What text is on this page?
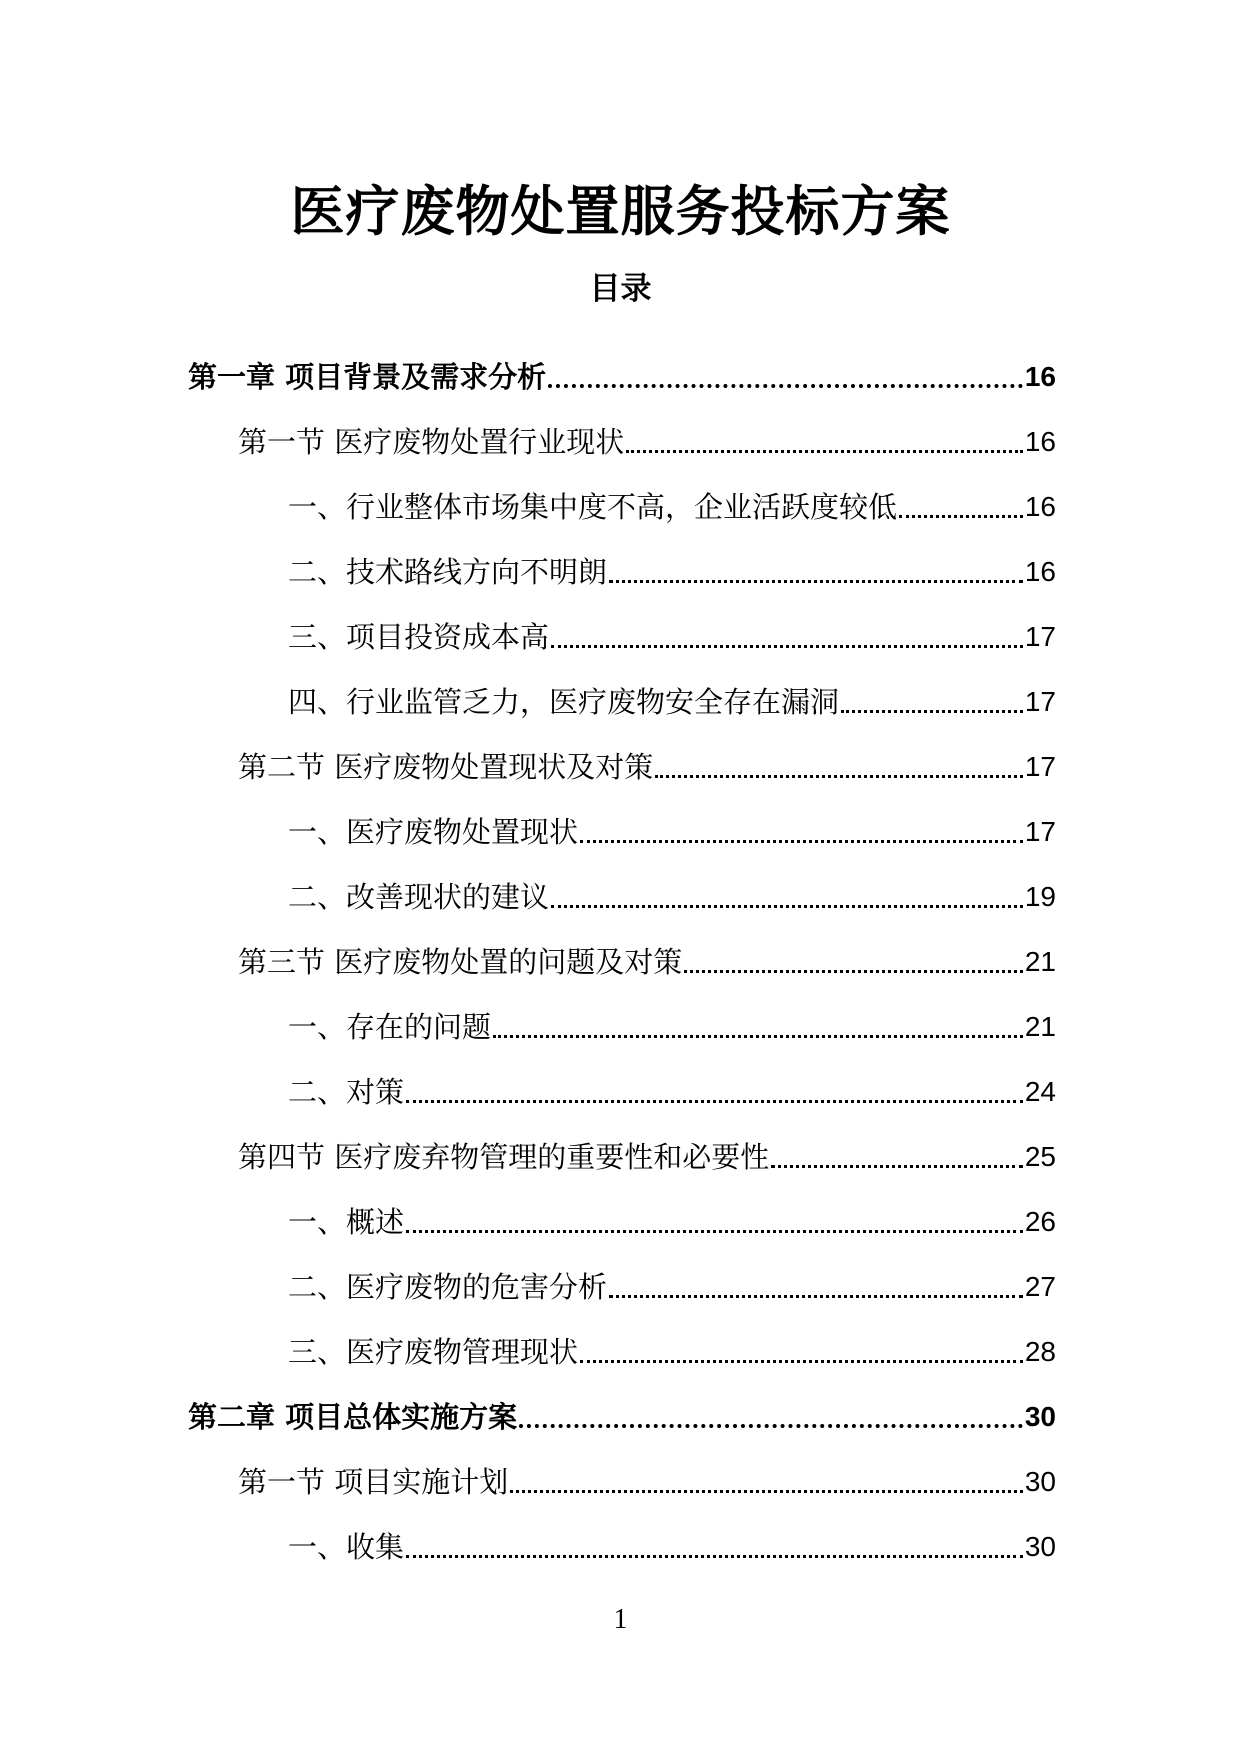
医疗废物处置服务投标方案
目录
第一章 项目背景及需求分析	16
第一节 医疗废物处置行业现状	16
一、行业整体市场集中度不高，企业活跃度较低	16
二、技术路线方向不明朗	16
三、项目投资成本高	17
四、行业监管乏力，医疗废物安全存在漏洞	17
第二节 医疗废物处置现状及对策	17
一、医疗废物处置现状	17
二、改善现状的建议	19
第三节 医疗废物处置的问题及对策	21
一、存在的问题	21
二、对策	24
第四节 医疗废弃物管理的重要性和必要性	25
一、概述	26
二、医疗废物的危害分析	27
三、医疗废物管理现状	28
第二章 项目总体实施方案	30
第一节 项目实施计划	30
一、收集	30
1
